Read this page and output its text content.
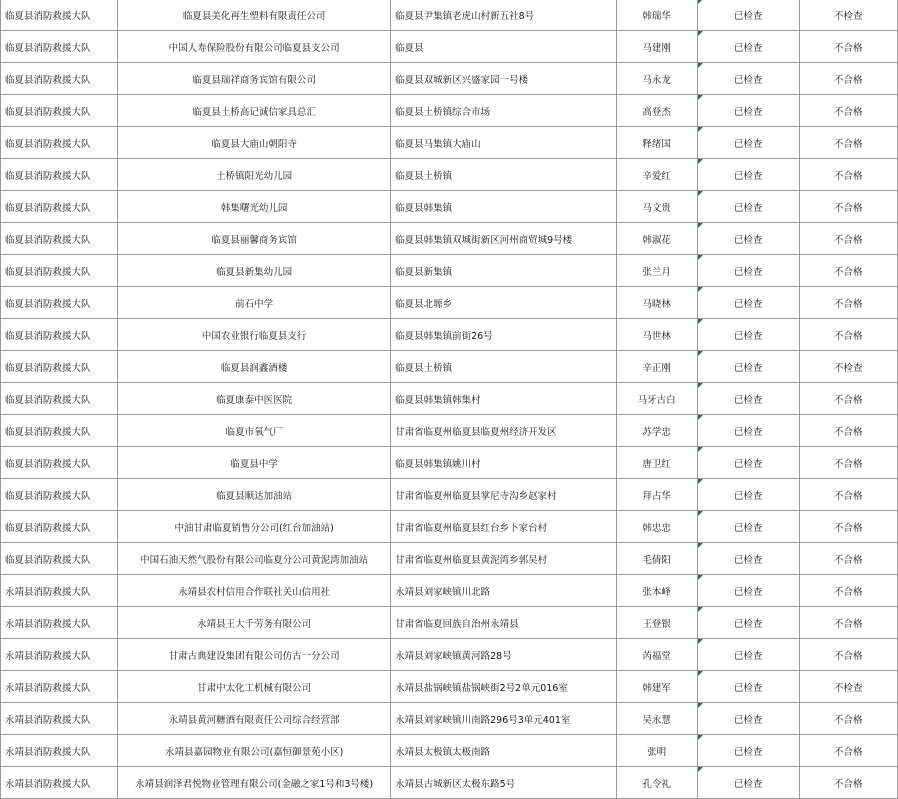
临夏县消防救援大队	临夏县美化再生塑料有限责任公司	临夏县尹集镇老虎山村新五社8号	韩瑞华	已检查	不检查
临夏县消防救援大队	中国人寿保险股份有限公司临夏县支公司	临夏县	马建刚	已检查	不合格
临夏县消防救援大队	临夏县瑞祥商务宾馆有限公司	临夏县双城新区兴盛家园一号楼	马永龙	已检查	不合格
临夏县消防救援大队	临夏县土桥高记诚信家具总汇	临夏县土桥镇综合市场	高登杰	已检查	不合格
临夏县消防救援大队	临夏县大庙山朝阳寺	临夏县马集镇大庙山	释绪国	已检查	不合格
临夏县消防救援大队	土桥镇阳光幼儿园	临夏县土桥镇	辛爱红	已检查	不合格
临夏县消防救援大队	韩集曙光幼儿园	临夏县韩集镇	马文贵	已检查	不合格
临夏县消防救援大队	临夏县丽馨商务宾馆	临夏县韩集镇双城街新区河州商贸城9号楼	韩淑花	已检查	不合格
临夏县消防救援大队	临夏县新集幼儿园	临夏县新集镇	张兰月	已检查	不合格
临夏县消防救援大队	前石中学	临夏县北塬乡	马晓林	已检查	不合格
临夏县消防救援大队	中国农业银行临夏县支行	临夏县韩集镇前街26号	马世林	已检查	不合格
临夏县消防救援大队	临夏县润鑫酒楼	临夏县土桥镇	辛正刚	已检查	不检查
临夏县消防救援大队	临夏康泰中医医院	临夏县韩集镇韩集村	马牙古白	已检查	不合格
临夏县消防救援大队	临夏市氧气厂	甘肃省临夏州临夏县临夏州经济开发区	苏学忠	已检查	不合格
临夏县消防救援大队	临夏县中学	临夏县韩集镇姚川村	唐卫红	已检查	不合格
临夏县消防救援大队	临夏县顺达加油站	甘肃省临夏州临夏县掌尼寺沟乡赵家村	拜占华	已检查	不合格
临夏县消防救援大队	中油甘肃临夏销售分公司(红台加油站)	甘肃省临夏州临夏县红台乡卜家台村	韩忠忠	已检查	不合格
临夏县消防救援大队	中国石油天然气股份有限公司临夏分公司黄泥湾加油站	甘肃省临夏州临夏县黄泥湾乡郭吴村	毛倩阳	已检查	不合格
永靖县消防救援大队	永靖县农村信用合作联社关山信用社	永靖县刘家峡镇川北路	张本峰	已检查	不合格
永靖县消防救援大队	永靖县王大千劳务有限公司	甘肃省临夏回族自治州永靖县	王登银	已检查	不合格
永靖县消防救援大队	甘肃古典建设集团有限公司仿古一分公司	永靖县刘家峡镇黄河路28号	芮福堂	已检查	不合格
永靖县消防救援大队	甘肃中太化工机械有限公司	永靖县盐锅峡镇盐锅峡街2号2单元016室	韩建军	已检查	不检查
永靖县消防救援大队	永靖县黄河糖酒有限责任公司综合经营部	永靖县刘家峡镇川南路296号3单元401室	吴永慧	已检查	不合格
永靖县消防救援大队	永靖县嘉园物业有限公司(嘉恒御景苑小区)	永靖县太极镇太极南路	张明	已检查	不合格
永靖县消防救援大队	永靖县润泽君悦物业管理有限公司(金融之家1号和3号楼)	永靖县古城新区太极东路5号	孔令礼	已检查	不合格
